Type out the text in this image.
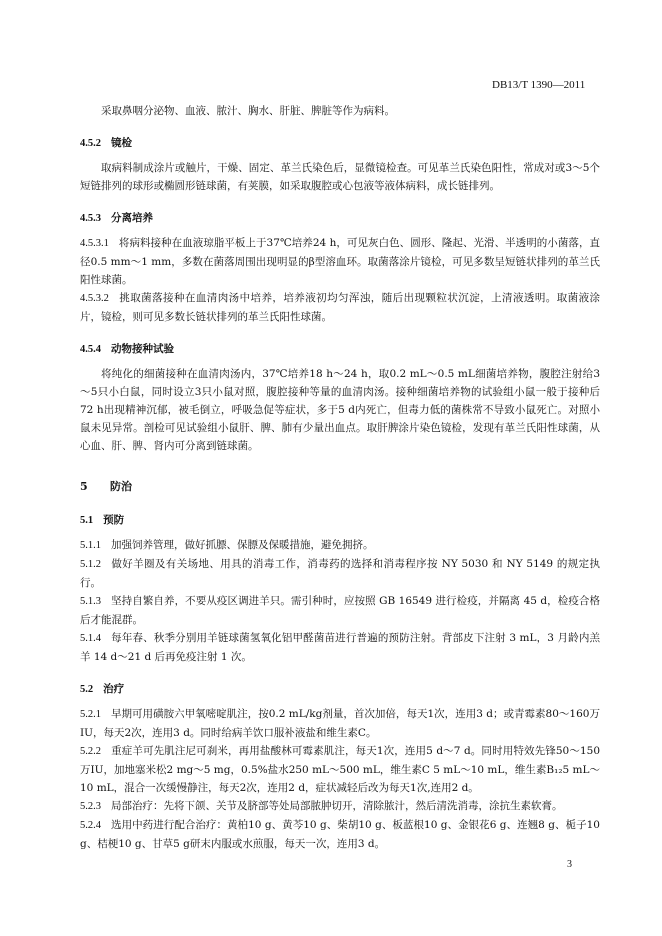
DB13/T 1390—2011

采取鼻咽分泌物、血液、脓汁、胸水、肝脏、脾脏等作为病料。

4.5.2 镜检

取病料制成涂片或触片，干燥、固定、革兰氏染色后，显微镜检查。可见革兰氏染色阳性，常成对或3～5个短链排列的球形或椭圆形链球菌，有荚膜，如采取腹腔或心包液等液体病料，成长链排列。

4.5.3 分离培养

4.5.3.1 将病料接种在血液琼脂平板上于37℃培养24 h，可见灰白色、圆形、隆起、光滑、半透明的小菌落，直径0.5 mm～1 mm，多数在菌落周围出现明显的β型溶血环。取菌落涂片镜检，可见多数呈短链状排列的革兰氏阳性球菌。

4.5.3.2 挑取菌落接种在血清肉汤中培养，培养液初均匀浑浊，随后出现颗粒状沉淀，上清液透明。取菌液涂片，镜检，则可见多数长链状排列的革兰氏阳性球菌。

4.5.4 动物接种试验

将纯化的细菌接种在血清肉汤内，37℃培养18 h～24 h，取0.2 mL～0.5 mL细菌培养物，腹腔注射给3～5只小白鼠，同时设立3只小鼠对照，腹腔接种等量的血清肉汤。接种细菌培养物的试验组小鼠一般于接种后72 h出现精神沉郁，被毛倒立，呼吸急促等症状，多于5 d内死亡，但毒力低的菌株常不导致小鼠死亡。对照小鼠未见异常。剖检可见试验组小鼠肝、脾、肺有少量出血点。取肝脾涂片染色镜检，发现有革兰氏阳性球菌，从心血、肝、脾、肾内可分离到链球菌。

5 防治

5.1 预防

5.1.1 加强饲养管理，做好抓膘、保膘及保暖措施，避免拥挤。

5.1.2 做好羊圈及有关场地、用具的消毒工作，消毒药的选择和消毒程序按 NY 5030 和 NY 5149 的规定执行。

5.1.3 坚持自繁自养，不要从疫区调进羊只。需引种时，应按照 GB 16549 进行检疫，并隔离 45 d，检疫合格后才能混群。

5.1.4 每年春、秋季分别用羊链球菌氢氧化铝甲醛菌苗进行普遍的预防注射。背部皮下注射 3 mL，3 月龄内羔羊 14 d～21 d 后再免疫注射 1 次。

5.2 治疗

5.2.1 早期可用磺胺六甲氧嘧啶肌注，按0.2 mL/kg剂量，首次加倍，每天1次，连用3 d；或青霉素80～160万IU，每天2次，连用3 d。同时给病羊饮口服补液盐和维生素C。

5.2.2 重症羊可先肌注尼可刹米，再用盐酸林可霉素肌注，每天1次，连用5 d～7 d。同时用特效先锋50～150万IU，加地塞米松2 mg～5 mg，0.5%盐水250 mL～500 mL，维生素C 5 mL～10 mL，维生素B₁₂5 mL～10 mL，混合一次缓慢静注，每天2次，连用2 d，症状减轻后改为每天1次,连用2 d。

5.2.3 局部治疗：先将下颌、关节及脐部等处局部脓肿切开，清除脓汁，然后清洗消毒，涂抗生素软膏。

5.2.4 选用中药进行配合治疗：黄柏10 g、黄芩10 g、柴胡10 g、板蓝根10 g、金银花6 g、连翘8 g、栀子10 g、桔梗10 g、甘草5 g研末内服或水煎服，每天一次，连用3 d。

3
